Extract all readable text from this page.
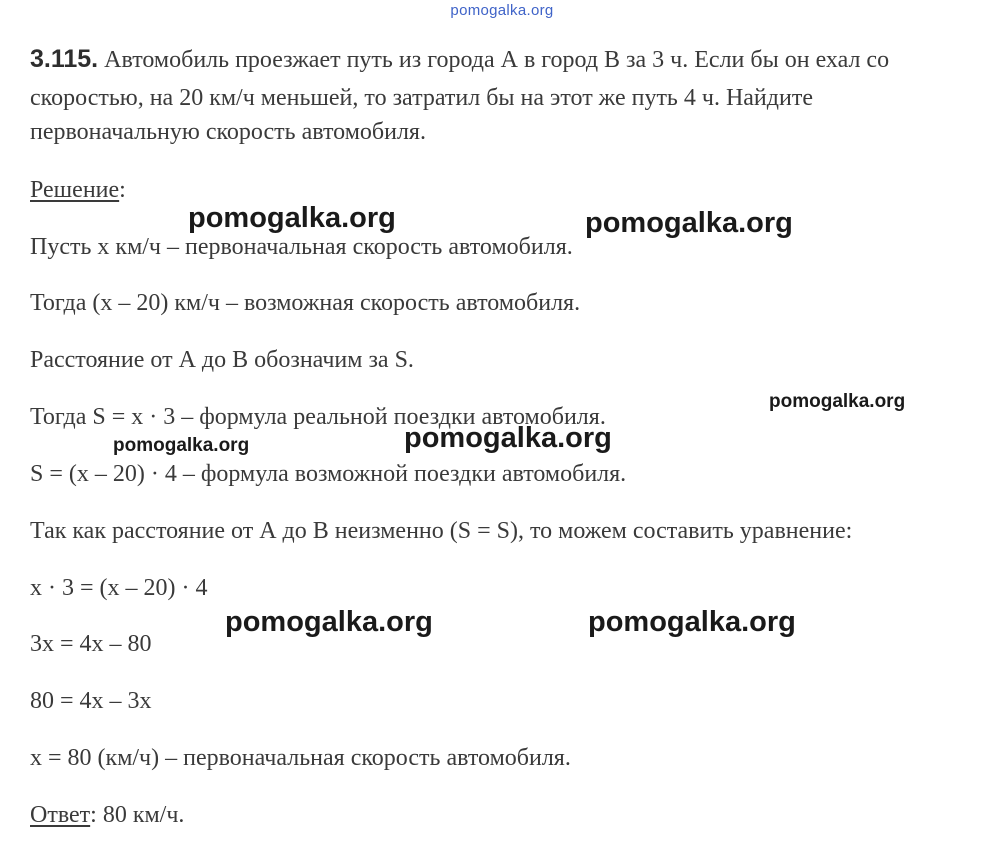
pomogalka.org
3.115. Автомобиль проезжает путь из города А в город В за 3 ч. Если бы он ехал со
скоростью, на 20 км/ч меньшей, то затратил бы на этот же путь 4 ч. Найдите
первоначальную скорость автомобиля.
Решение:
Пусть х км/ч – первоначальная скорость автомобиля.
Тогда (х – 20) км/ч – возможная скорость автомобиля.
Расстояние от А до В обозначим за S.
Тогда S = х · 3 – формула реальной поездки автомобиля.
S = (х – 20) · 4 – формула возможной поездки автомобиля.
Так как расстояние от А до В неизменно (S = S), то можем составить уравнение:
х · 3 = (х – 20) · 4
3х = 4х – 80
80 = 4х – 3х
х = 80 (км/ч) – первоначальная скорость автомобиля.
Ответ: 80 км/ч.
pomogalka.org	pomogalka.org
pomogalka.org
pomogalka.org	pomogalka.org
pomogalka.org	pomogalka.org
